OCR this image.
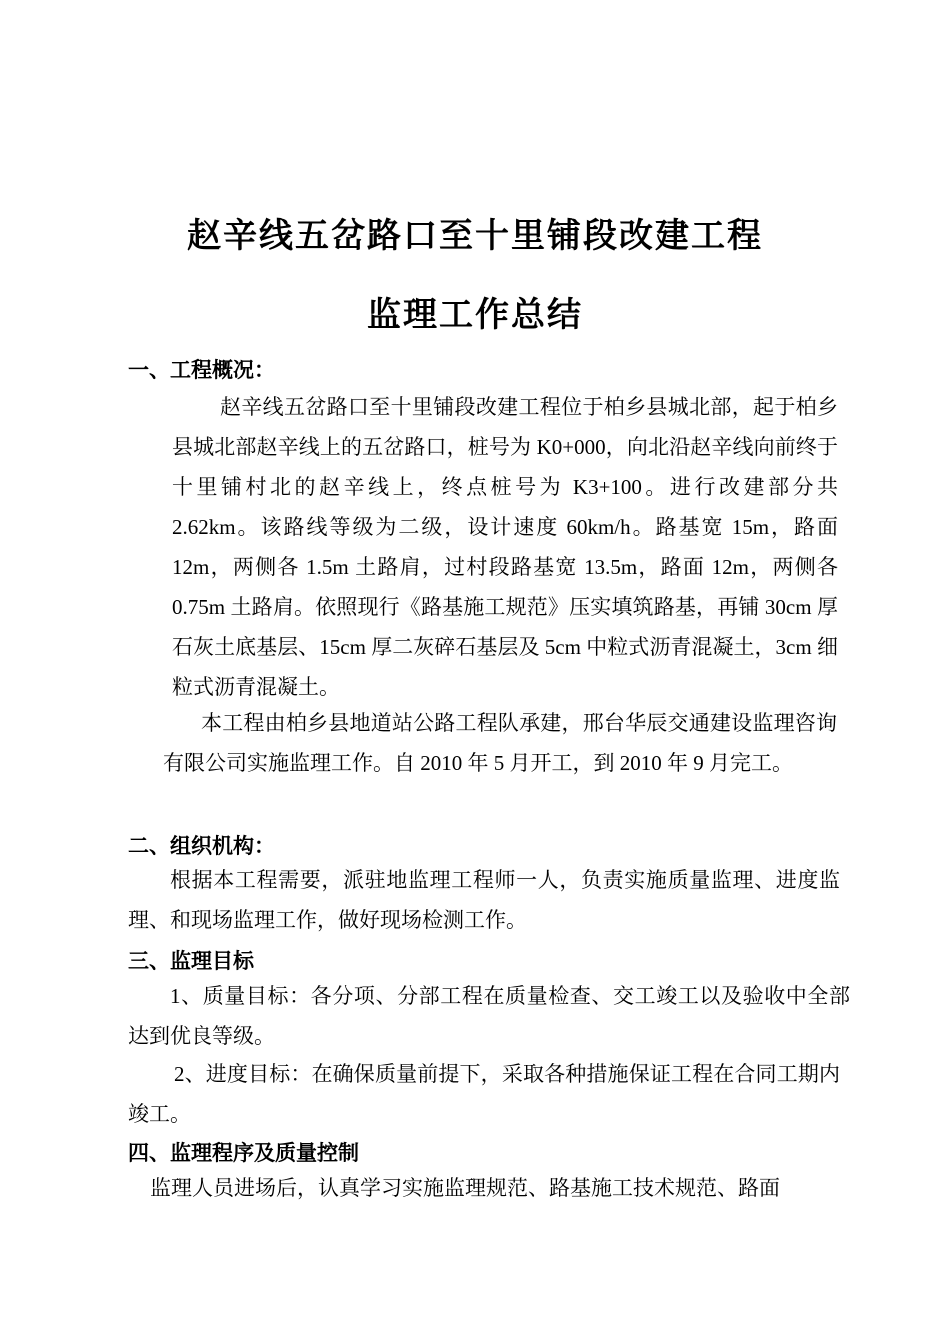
赵辛线五岔路口至十里铺段改建工程
监理工作总结
一、工程概况：
赵辛线五岔路口至十里铺段改建工程位于柏乡县城北部，起于柏乡县城北部赵辛线上的五岔路口，桩号为 K0+000，向北沿赵辛线向前终于十里铺村北的赵辛线上，终点桩号为 K3+100。进行改建部分共 2.62km。该路线等级为二级，设计速度 60km/h。路基宽 15m，路面 12m，两侧各 1.5m 土路肩，过村段路基宽 13.5m，路面 12m，两侧各 0.75m 土路肩。依照现行《路基施工规范》压实填筑路基，再铺 30cm 厚石灰土底基层、15cm 厚二灰碎石基层及 5cm 中粒式沥青混凝土，3cm 细粒式沥青混凝土。
本工程由柏乡县地道站公路工程队承建，邢台华辰交通建设监理咨询有限公司实施监理工作。自 2010 年 5 月开工，到 2010 年 9 月完工。
二、组织机构：
根据本工程需要，派驻地监理工程师一人，负责实施质量监理、进度监理、和现场监理工作，做好现场检测工作。
三、监理目标
1、质量目标：各分项、分部工程在质量检查、交工竣工以及验收中全部达到优良等级。
2、进度目标：在确保质量前提下，采取各种措施保证工程在合同工期内竣工。
四、监理程序及质量控制
监理人员进场后，认真学习实施监理规范、路基施工技术规范、路面
